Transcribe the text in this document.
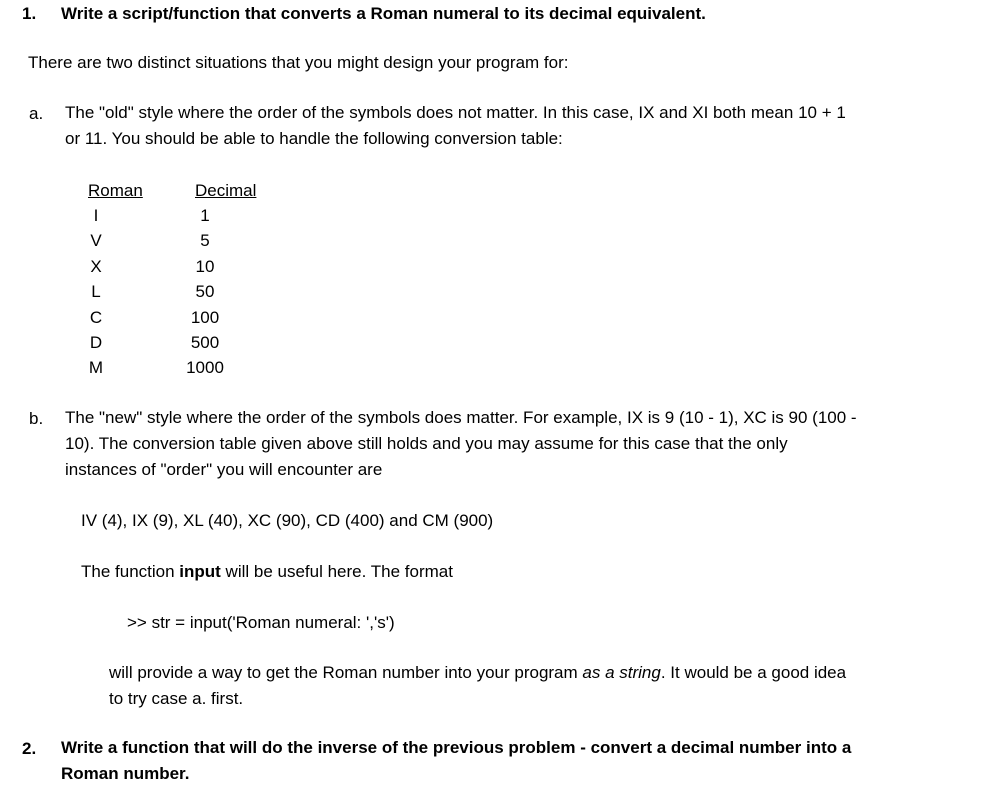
1. Write a script/function that converts a Roman numeral to its decimal equivalent.
There are two distinct situations that you might design your program for:
a. The "old" style where the order of the symbols does not matter. In this case, IX and XI both mean 10 + 1
or 11. You should be able to handle the following conversion table:
Roman	Decimal
I	1
V	5
X	10
L	50
C	100
D	500
M	1000
b. The "new" style where the order of the symbols does matter. For example, IX is 9 (10 - 1), XC is 90 (100 -
10). The conversion table given above still holds and you may assume for this case that the only
instances of "order" you will encounter are
IV (4), IX (9), XL (40), XC (90), CD (400) and CM (900)
The function input will be useful here. The format
>> str = input('Roman numeral: ','s')
will provide a way to get the Roman number into your program as a string. It would be a good idea
to try case a. first.
2. Write a function that will do the inverse of the previous problem - convert a decimal number into a
Roman number.
